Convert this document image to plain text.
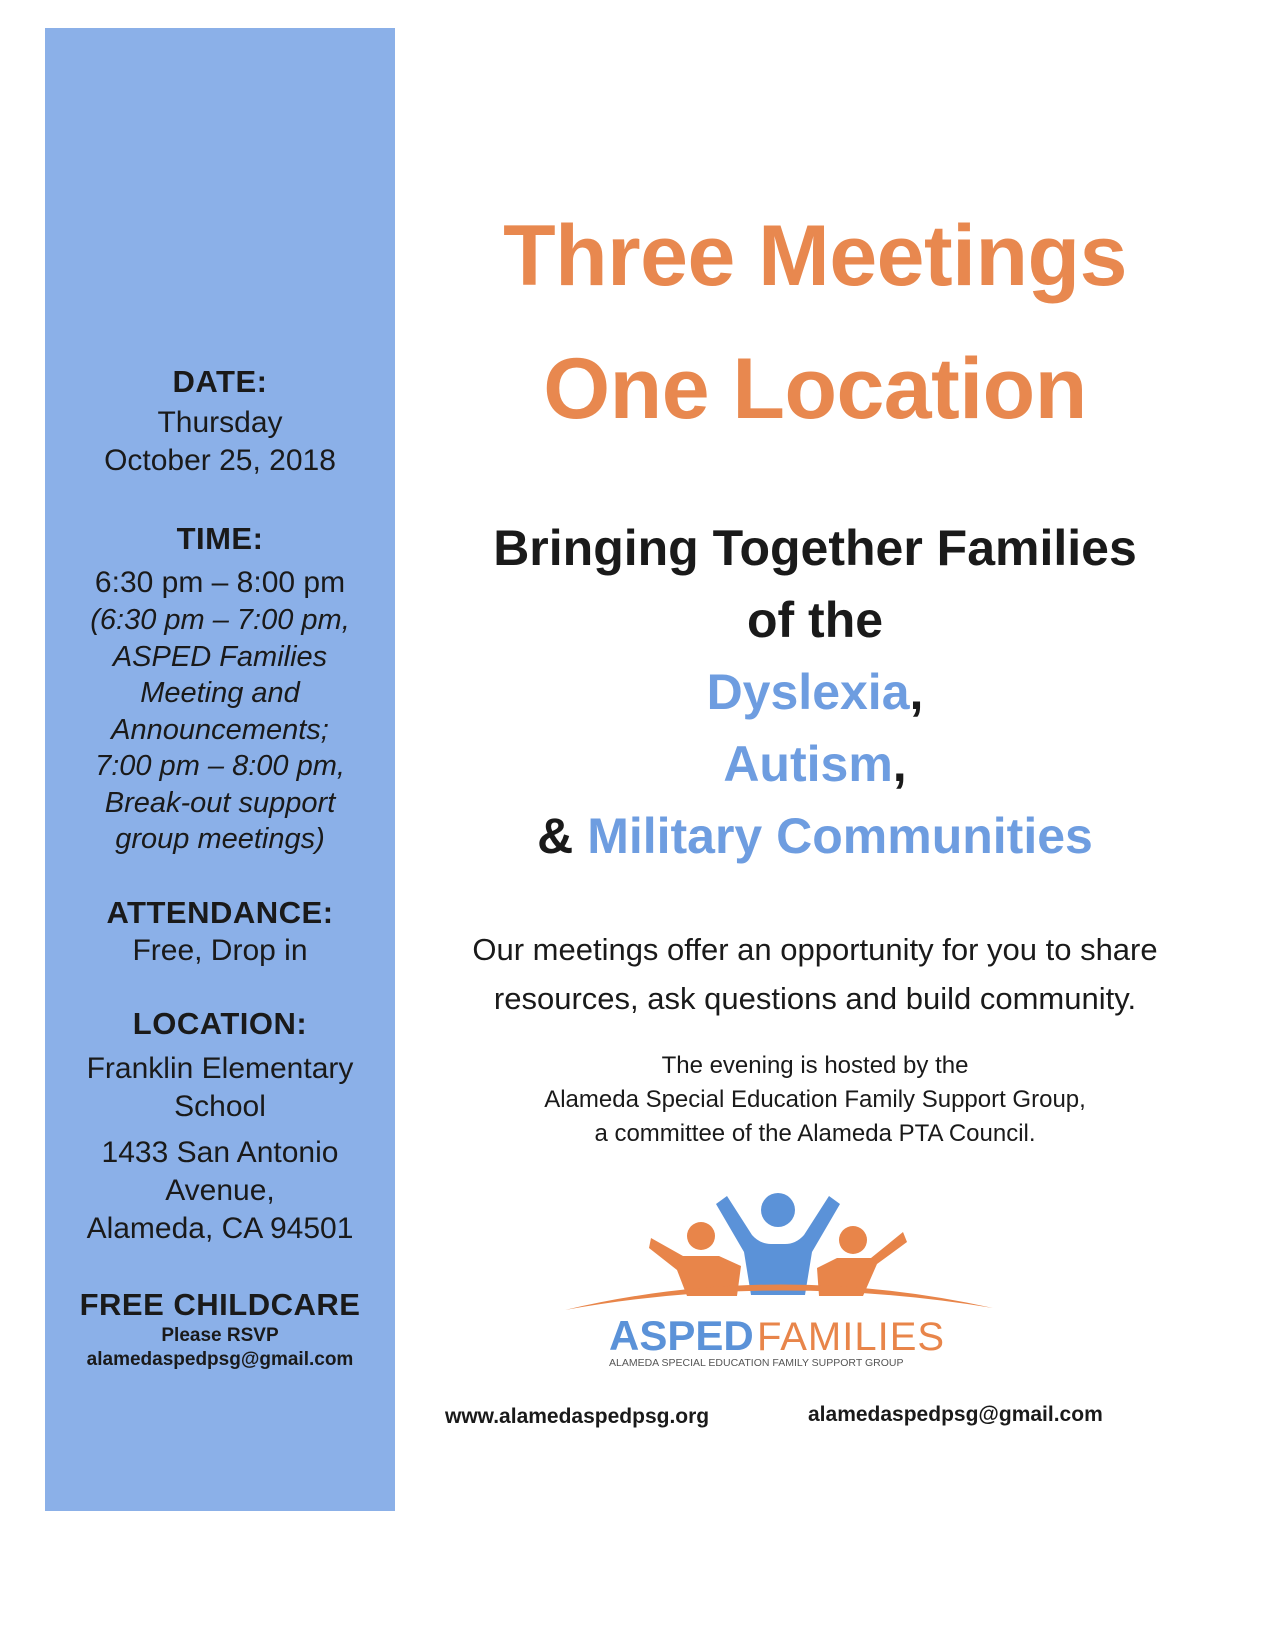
DATE:
Thursday
October 25, 2018
TIME:
6:30 pm – 8:00 pm
(6:30 pm – 7:00 pm,
ASPED Families
Meeting and
Announcements;
7:00 pm – 8:00 pm,
Break-out support
group meetings)
ATTENDANCE:
Free, Drop in
LOCATION:
Franklin Elementary
School
1433 San Antonio
Avenue,
Alameda, CA 94501
FREE CHILDCARE
Please RSVP
alamedaspedpsg@gmail.com
Three Meetings
One Location
Bringing Together Families
of the
Dyslexia,
Autism,
& Military Communities
Our meetings offer an opportunity for you to share
resources, ask questions and build community.
The evening is hosted by the
Alameda Special Education Family Support Group,
a committee of the Alameda PTA Council.
ASPED FAMILIES
ALAMEDA SPECIAL EDUCATION FAMILY SUPPORT GROUP
www.alamedaspedpsg.org	alamedaspedpsg@gmail.com
